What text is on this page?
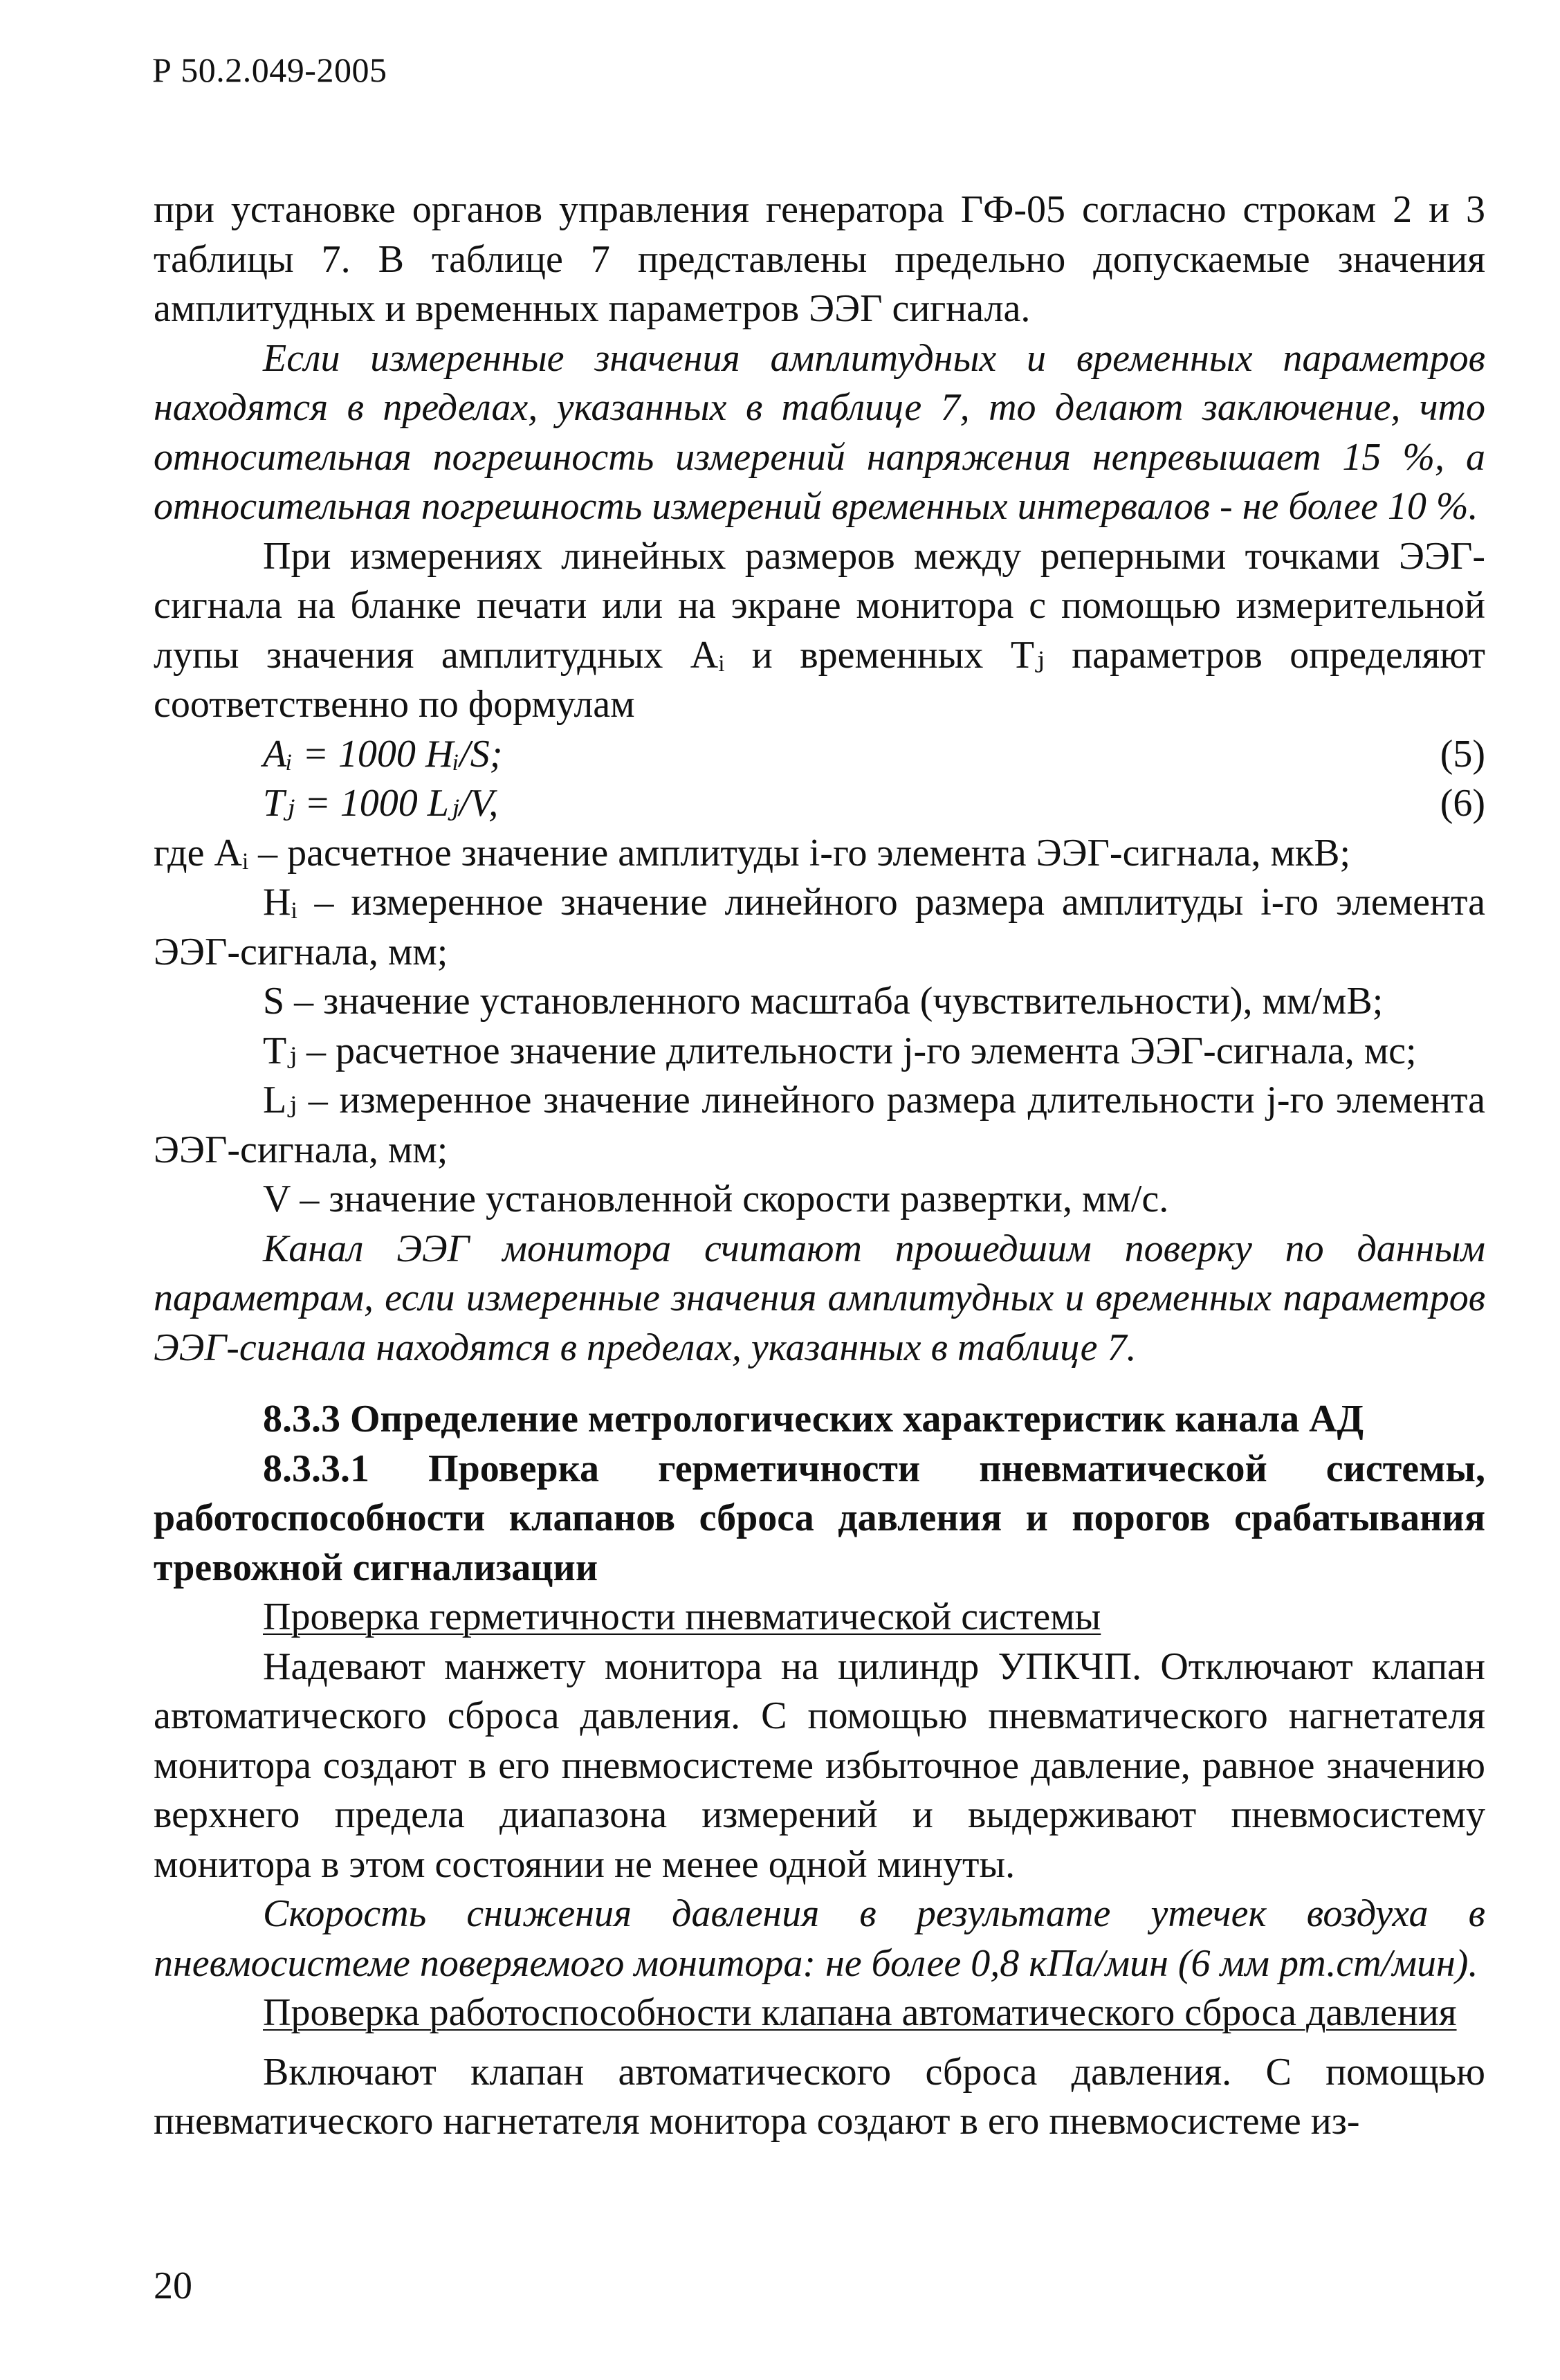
Р 50.2.049-2005

при установке органов управления генератора ГФ-05 согласно строкам 2 и 3 таблицы 7. В таблице 7 представлены предельно допускаемые значения амплитудных и временных параметров ЭЭГ сигнала.

Если измеренные значения амплитудных и временных параметров находятся в пределах, указанных в таблице 7, то делают заключение, что относительная погрешность измерений напряжения непревышает 15 %, а относительная погрешность измерений временных интервалов - не более 10 %.

При измерениях линейных размеров между реперными точками ЭЭГ-сигнала на бланке печати или на экране монитора с помощью измерительной лупы значения амплитудных Aᵢ и временных Tⱼ параметров определяют соответственно по формулам

Aᵢ = 1000 Hᵢ/S;	(5)
Tⱼ = 1000 Lⱼ/V,	(6)

где Aᵢ – расчетное значение амплитуды i-го элемента ЭЭГ-сигнала, мкВ;

Hᵢ – измеренное значение линейного размера амплитуды i-го элемента ЭЭГ-сигнала, мм;

S – значение установленного масштаба (чувствительности), мм/мВ;

Tⱼ – расчетное значение длительности j-го элемента ЭЭГ-сигнала, мс;

Lⱼ – измеренное значение линейного размера длительности j-го элемента ЭЭГ-сигнала, мм;

V – значение установленной скорости развертки, мм/с.

Канал ЭЭГ монитора считают прошедшим поверку по данным параметрам, если измеренные значения амплитудных и временных параметров ЭЭГ-сигнала находятся в пределах, указанных в таблице 7.

8.3.3 Определение метрологических характеристик канала АД

8.3.3.1 Проверка герметичности пневматической системы, работоспособности клапанов сброса давления и порогов срабатывания тревожной сигнализации

Проверка герметичности пневматической системы

Надевают манжету монитора на цилиндр УПКЧП. Отключают клапан автоматического сброса давления. С помощью пневматического нагнетателя монитора создают в его пневмосистеме избыточное давление, равное значению верхнего предела диапазона измерений и выдерживают пневмосистему монитора в этом состоянии не менее одной минуты.

Скорость снижения давления в результате утечек воздуха в пневмосистеме поверяемого монитора: не более 0,8 кПа/мин (6 мм рт.ст/мин).

Проверка работоспособности клапана автоматического сброса давления

Включают клапан автоматического сброса давления. С помощью пневматического нагнетателя монитора создают в его пневмосистеме из-

20
